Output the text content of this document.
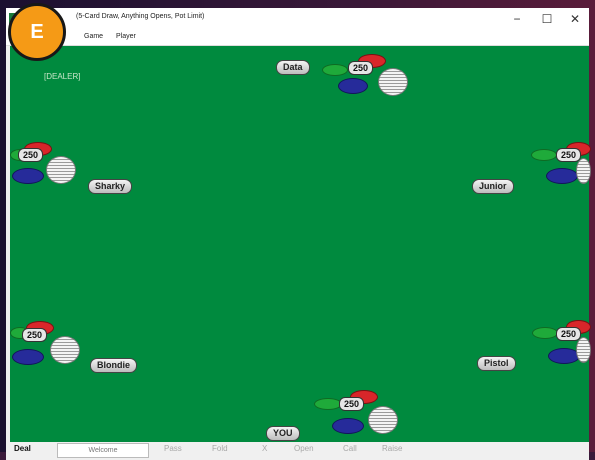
(5-Card Draw, Anything Opens, Pot Limit)	−	☐	✕
Game Player
[DEALER]
Data	250
250
Sharky
250
Junior
250
Blondie
250
Pistol
250
YOU
Deal	Welcome	Pass	Fold	X	Open	Call	Raise
E
